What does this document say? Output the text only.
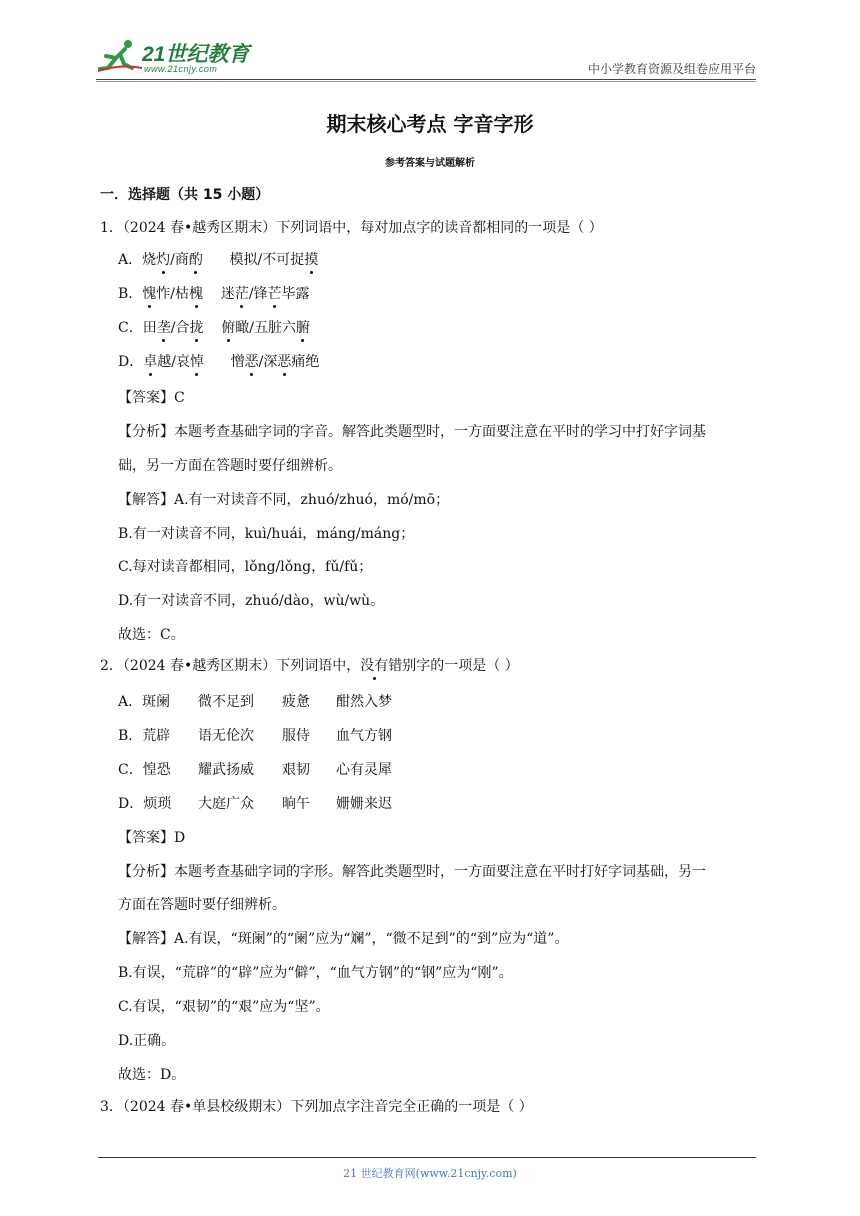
21世纪教育
www.21cnjy.com	中小学教育资源及组卷应用平台
期末核心考点 字音字形
参考答案与试题解析
一．选择题（共 15 小题）
1．（2024 春•越秀区期末）下列词语中，每对加点字的读音都相同的一项是（ ）
A．烧灼/商酌      模拟/不可捉摸
B．愧怍/枯槐    迷茫/锋芒毕露
C．田垄/合拢 俯瞰/五脏六腑
D．卓越/哀悼      憎恶/深恶痛绝
【答案】C
【分析】本题考查基础字词的字音。解答此类题型时，一方面要注意在平时的学习中打好字词基
础，另一方面在答题时要仔细辨析。
【解答】A.有一对读音不同，zhuó/zhuó，mó/mō；
B.有一对读音不同，kuì/huái，máng/máng；
C.每对读音都相同，lǒng/lǒng，fǔ/fǔ；
D.有一对读音不同，zhuó/dào，wù/wù。
故选：C。
2．（2024 春•越秀区期末）下列词语中，没有错别字的一项是（ ）
A．斑阑 微不足到 疲惫 酣然入梦
B．荒辟 语无伦次 服侍 血气方钢
C．惶恐 耀武扬威 艰韧 心有灵犀
D．烦琐 大庭广众 晌午 姗姗来迟
【答案】D
【分析】本题考查基础字词的字形。解答此类题型时，一方面要注意在平时打好字词基础，另一
方面在答题时要仔细辨析。
【解答】A.有误，“斑阑”的“阑”应为“斓”，“微不足到”的“到”应为“道”。
B.有误，“荒辟”的“辟”应为“僻”，“血气方钢”的“钢”应为“刚”。
C.有误，“艰韧”的“艰”应为“坚”。
D.正确。
故选：D。
3．（2024 春•单县校级期末）下列加点字注音完全正确的一项是（ ）
21 世纪教育网(www.21cnjy.com)
